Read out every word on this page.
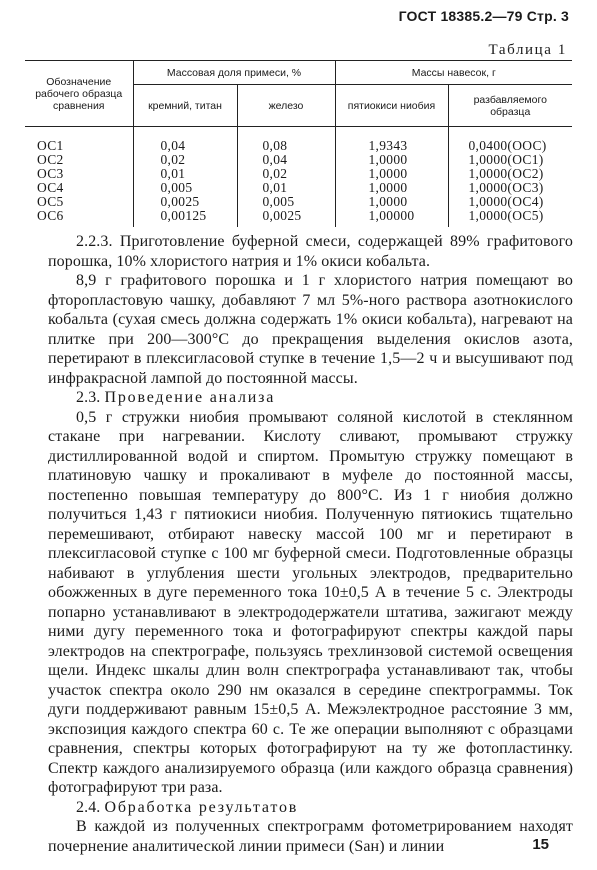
ГОСТ 18385.2—79 Стр. 3
Таблица 1
Обозначение рабочего образца сравнения	Массовая доля примеси, %		Массы навесок, г	
	кремний, титан	железо	пятиокиси ниобия	разбавляемого образца

ОС1	0,04	0,08	1,9343	0,0400(ООС)
ОС2	0,02	0,04	1,0000	1,0000(ОС1)
ОС3	0,01	0,02	1,0000	1,0000(ОС2)
ОС4	0,005	0,01	1,0000	1,0000(ОС3)
ОС5	0,0025	0,005	1,0000	1,0000(ОС4)
ОС6	0,00125	0,0025	1,00000	1,0000(ОС5)

2.2.3. Приготовление буферной смеси, содержащей 89% графитового порошка, 10% хлористого натрия и 1% окиси кобальта.

8,9 г графитового порошка и 1 г хлористого натрия помещают во фторопластовую чашку, добавляют 7 мл 5%-ного раствора азотнокислого кобальта (сухая смесь должна содержать 1% окиси кобальта), нагревают на плитке при 200—300°C до прекращения выделения окислов азота, перетирают в плексигласовой ступке в течение 1,5—2 ч и высушивают под инфракрасной лампой до постоянной массы.

2.3. Проведение анализа

0,5 г стружки ниобия промывают соляной кислотой в стеклянном стакане при нагревании. Кислоту сливают, промывают стружку дистиллированной водой и спиртом. Промытую стружку помещают в платиновую чашку и прокаливают в муфеле до постоянной массы, постепенно повышая температуру до 800°C. Из 1 г ниобия должно получиться 1,43 г пятиокиси ниобия. Полученную пятиокись тщательно перемешивают, отбирают навеску массой 100 мг и перетирают в плексигласовой ступке с 100 мг буферной смеси. Подготовленные образцы набивают в углубления шести угольных электродов, предварительно обожженных в дуге переменного тока 10±0,5 А в течение 5 с. Электроды попарно устанавливают в электрододержатели штатива, зажигают между ними дугу переменного тока и фотографируют спектры каждой пары электродов на спектрографе, пользуясь трехлинзовой системой освещения щели. Индекс шкалы длин волн спектрографа устанавливают так, чтобы участок спектра около 290 нм оказался в середине спектрограммы. Ток дуги поддерживают равным 15±0,5 А. Межэлектродное расстояние 3 мм, экспозиция каждого спектра 60 с. Те же операции выполняют с образцами сравнения, спектры которых фотографируют на ту же фотопластинку. Спектр каждого анализируемого образца (или каждого образца сравнения) фотографируют три раза.

2.4. Обработка результатов

В каждой из полученных спектрограмм фотометрированием находят почернение аналитической линии примеси (Sан) и линии	15
